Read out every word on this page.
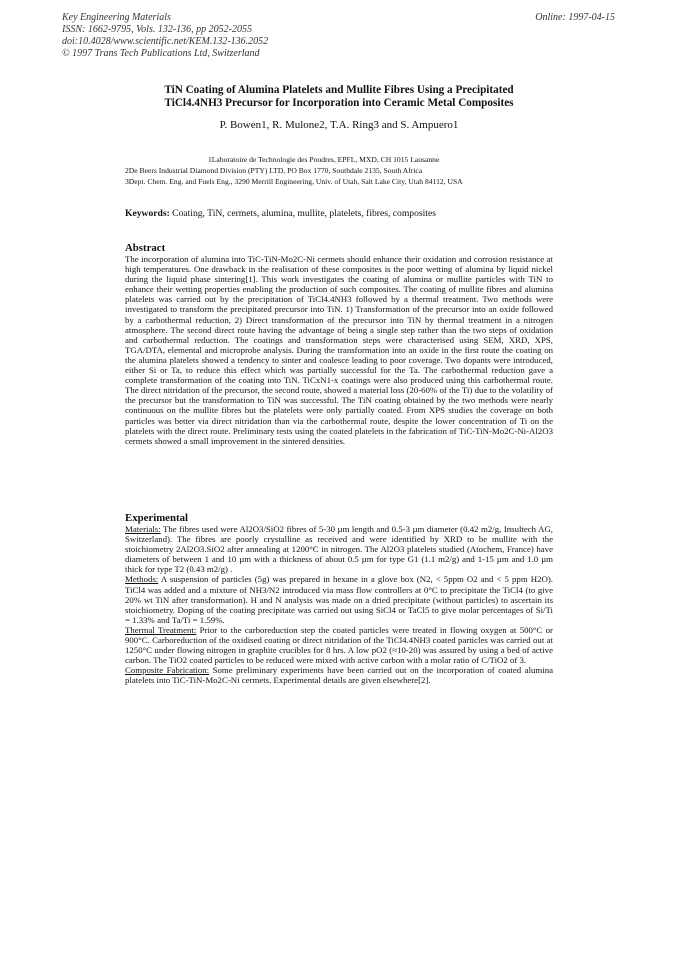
Key Engineering Materials
ISSN: 1662-9795, Vols. 132-136, pp 2052-2055
doi:10.4028/www.scientific.net/KEM.132-136.2052
© 1997 Trans Tech Publications Ltd, Switzerland
Online: 1997-04-15
TiN Coating of Alumina Platelets and Mullite Fibres Using a Precipitated
TiCl4.4NH3 Precursor for Incorporation into Ceramic Metal Composites
P. Bowen1, R. Mulone2, T.A. Ring3 and S. Ampuero1
1Laboratoire de Technologie des Poudres, EPFL, MXD, CH 1015 Lausanne
2De Beers Industrial Diamond Division (PTY) LTD, PO Box 1770, Southdale 2135, South Africa
3Dept. Chem. Eng. and Fuels Eng., 3290 Merrill Engineering, Univ. of Utah, Salt Lake City, Utah 84112, USA
Keywords: Coating, TiN, cermets, alumina, mullite, platelets, fibres, composites

Abstract

The incorporation of alumina into TiC-TiN-Mo2C-Ni cermets should enhance their oxidation and corrosion resistance at high temperatures. One drawback in the realisation of these composites is the poor wetting of alumina by liquid nickel during the liquid phase sintering[1]. This work investigates the coating of alumina or mullite particles with TiN to enhance their wetting properties enabling the production of such composites. The coating of mullite fibres and alumina platelets was carried out by the precipitation of TiCl4.4NH3 followed by a thermal treatment. Two methods were investigated to transform the precipitated precursor into TiN. 1) Transformation of the precursor into an oxide followed by a carbothermal reduction, 2) Direct transformation of the precursor into TiN by thermal treatment in a nitrogen atmosphere. The second direct route having the advantage of being a single step rather than the two steps of oxidation and carbothermal reduction. The coatings and transformation steps were characterised using SEM, XRD, XPS, TGA/DTA, elemental and microprobe analysis. During the transformation into an oxide in the first route the coating on the alumina platelets showed a tendency to sinter and coalesce leading to poor coverage. Two dopants were introduced, either Si or Ta, to reduce this effect which was partially successful for the Ta. The carbothermal reduction gave a complete transformation of the coating into TiN. TiCxN1-x coatings were also produced using this carbothermal route. The direct nitridation of the precursor, the second route, showed a material loss (20-60% of the Ti) due to the volatility of the precursor but the transformation to TiN was successful. The TiN coating obtained by the two methods were nearly continuous on the mullite fibres but the platelets were only partially coated. From XPS studies the coverage on both particles was better via direct nitridation than via the carbothermal route, despite the lower concentration of Ti on the platelets with the direct route. Preliminary tests using the coated platelets in the fabrication of TiC-TiN-Mo2C-Ni-Al2O3 cermets showed a small improvement in the sintered densities.

Experimental

Materials: The fibres used were Al2O3/SiO2 fibres of 5-30 µm length and 0.5-3 µm diameter (0.42 m2/g, Insultech AG, Switzerland). The fibres are poorly crystalline as received and were identified by XRD to be mullite with the stoichiometry 2Al2O3.SiO2 after annealing at 1200°C in nitrogen. The Al2O3 platelets studied (Atochem, France) have diameters of between 1 and 10 µm with a thickness of about 0.5 µm for type G1 (1.1 m2/g) and 1-15 µm and 1.0 µm thick for type T2 (0.43 m2/g) .

Methods: A suspension of particles (5g) was prepared in hexane in a glove box (N2, < 5ppm O2 and < 5 ppm H2O). TiCl4 was added and a mixture of NH3/N2 introduced via mass flow controllers at 0°C to precipitate the TiCl4 (to give 20% wt TiN after transformation). H and N analysis was made on a dried precipitate (without particles) to ascertain its stoichiometry. Doping of the coating precipitate was carried out using SiCl4 or TaCl5 to give molar percentages of Si/Ti = 1.33% and Ta/Ti = 1.59%.

Thermal Treatment: Prior to the carboreduction step the coated particles were treated in flowing oxygen at 500°C or 900°C. Carboreduction of the oxidised coating or direct nitridation of the TiCl4.4NH3 coated particles was carried out at 1250°C under flowing nitrogen in graphite crucibles for 8 hrs. A low pO2 (≈10-20) was assured by using a bed of active carbon. The TiO2 coated particles to be reduced were mixed with active carbon with a molar ratio of C/TiO2 of 3.

Composite Fabrication: Some preliminary experiments have been carried out on the incorporation of coated alumina platelets into TiC-TiN-Mo2C-Ni cermets. Experimental details are given elsewhere[2].
